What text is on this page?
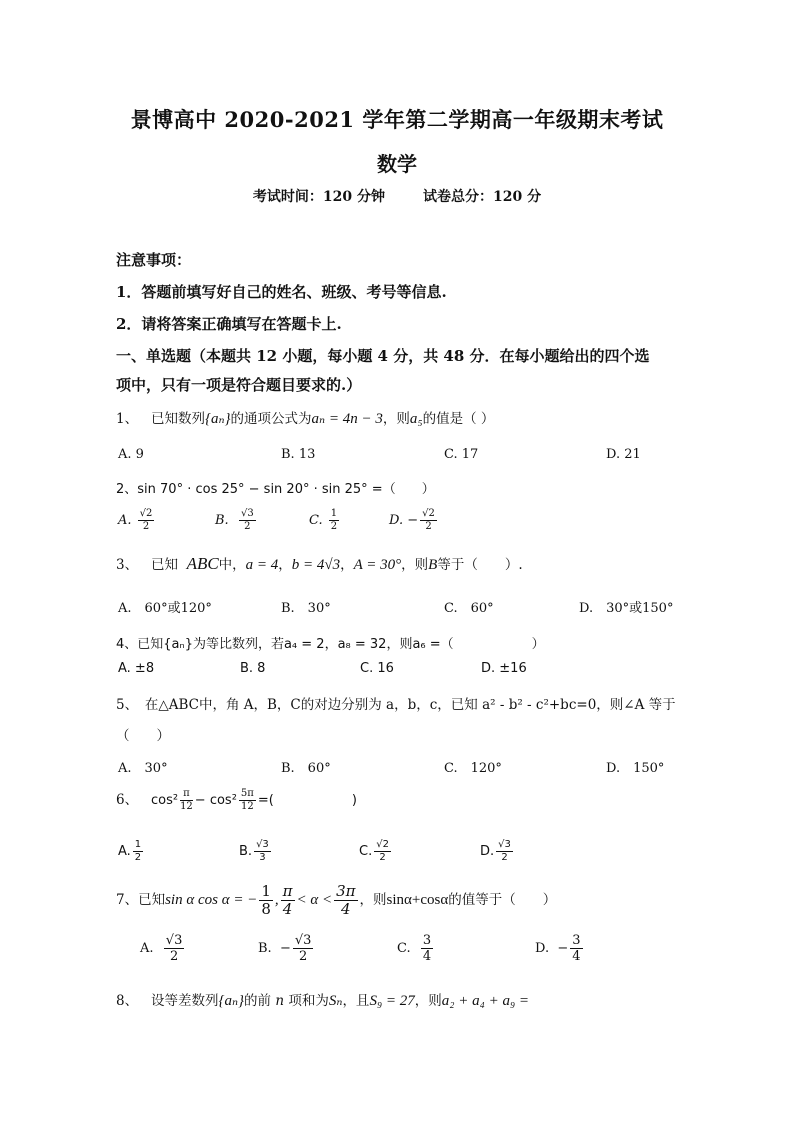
景博高中 2020-2021 学年第二学期高一年级期末考试
数学
考试时间：120 分钟	试卷总分：120 分
注意事项：
1．答题前填写好自己的姓名、班级、考号等信息.
2．请将答案正确填写在答题卡上.
一、单选题（本题共 12 小题，每小题 4 分，共 48 分．在每小题给出的四个选
项中，只有一项是符合题目要求的.）
1、 已知数列{aₙ}的通项公式为aₙ = 4n − 3，则a₅的值是（ ）
A. 9	B. 13	C. 17	D. 21
2、sin 70° · cos 25° − sin 20° · sin 25° =（　　）
A. $\frac{√2}{2}$	B. $\frac{√3}{2}$	C. $\frac{1}{2}$	D. − $\frac{√2}{2}$
3、 已知 ABC中，a = 4，b = 4√3，A = 30°，则B等于（　　）.
A.　60°或120°	B.　30°	C.　60°	D.　30°或150°
4、已知{aₙ}为等比数列，若a₄ = 2，a₈ = 32，则a₆ =（　　　　　　）
A. ±8	B. 8	C. 16	D. ±16
5、　在△ABC中，角 A，B，C的对边分别为 a，b，c，已知 a² - b² - c²+bc=0，则∠A 等于
（　　）
A.　30°	B.　60°	C.　120°	D.　150°
6、 $\cos^2 \frac{\pi}{12} - \cos^2 \frac{5\pi}{12}$ =(　　　　　　)
A. $\frac{1}{2}$	B. $\frac{√3}{3}$	C. $\frac{√2}{2}$	D. $\frac{√3}{2}$
7、已知sin α cos α = − $\frac{1}{8}$ , $\frac{\pi}{4} < \alpha < \frac{3\pi}{4}$ ，则sinα+cosα的值等于（　　）
A. $\frac{√3}{2}$	B. − $\frac{√3}{2}$	C. $\frac{3}{4}$	D. − $\frac{3}{4}$
8、 设等差数列{aₙ}的前 n 项和为Sₙ，且S₉ = 27，则a₂ + a₄ + a₉ =
